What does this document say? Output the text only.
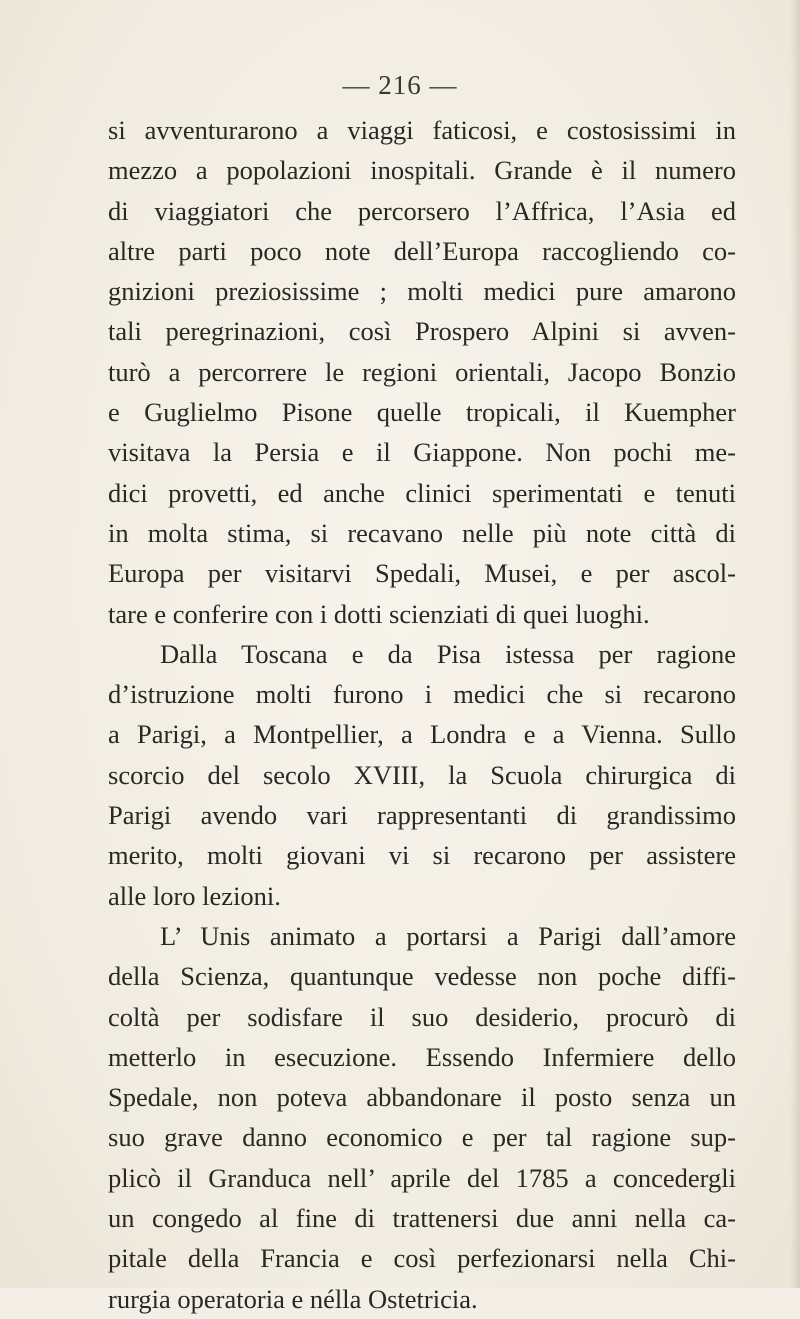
— 216 —
si avventurarono a viaggi faticosi, e costosissimi in
mezzo a popolazioni inospitali. Grande è il numero
di viaggiatori che percorsero l’Affrica, l’Asia ed
altre parti poco note dell’Europa raccogliendo co-
gnizioni preziosissime ; molti medici pure amarono
tali peregrinazioni, così Prospero Alpini si avven-
turò a percorrere le regioni orientali, Jacopo Bonzio
e Guglielmo Pisone quelle tropicali, il Kuempher
visitava la Persia e il Giappone. Non pochi me-
dici provetti, ed anche clinici sperimentati e tenuti
in molta stima, si recavano nelle più note città di
Europa per visitarvi Spedali, Musei, e per ascol-
tare e conferire con i dotti scienziati di quei luoghi.
Dalla Toscana e da Pisa istessa per ragione
d’istruzione molti furono i medici che si recarono
a Parigi, a Montpellier, a Londra e a Vienna. Sullo
scorcio del secolo XVIII, la Scuola chirurgica di
Parigi avendo vari rappresentanti di grandissimo
merito, molti giovani vi si recarono per assistere
alle loro lezioni.
L’ Unis animato a portarsi a Parigi dall’amore
della Scienza, quantunque vedesse non poche diffi-
coltà per sodisfare il suo desiderio, procurò di
metterlo in esecuzione. Essendo Infermiere dello
Spedale, non poteva abbandonare il posto senza un
suo grave danno economico e per tal ragione sup-
plicò il Granduca nell’ aprile del 1785 a concedergli
un congedo al fine di trattenersi due anni nella ca-
pitale della Francia e così perfezionarsi nella Chi-
rurgia operatoria e nélla Ostetricia.
